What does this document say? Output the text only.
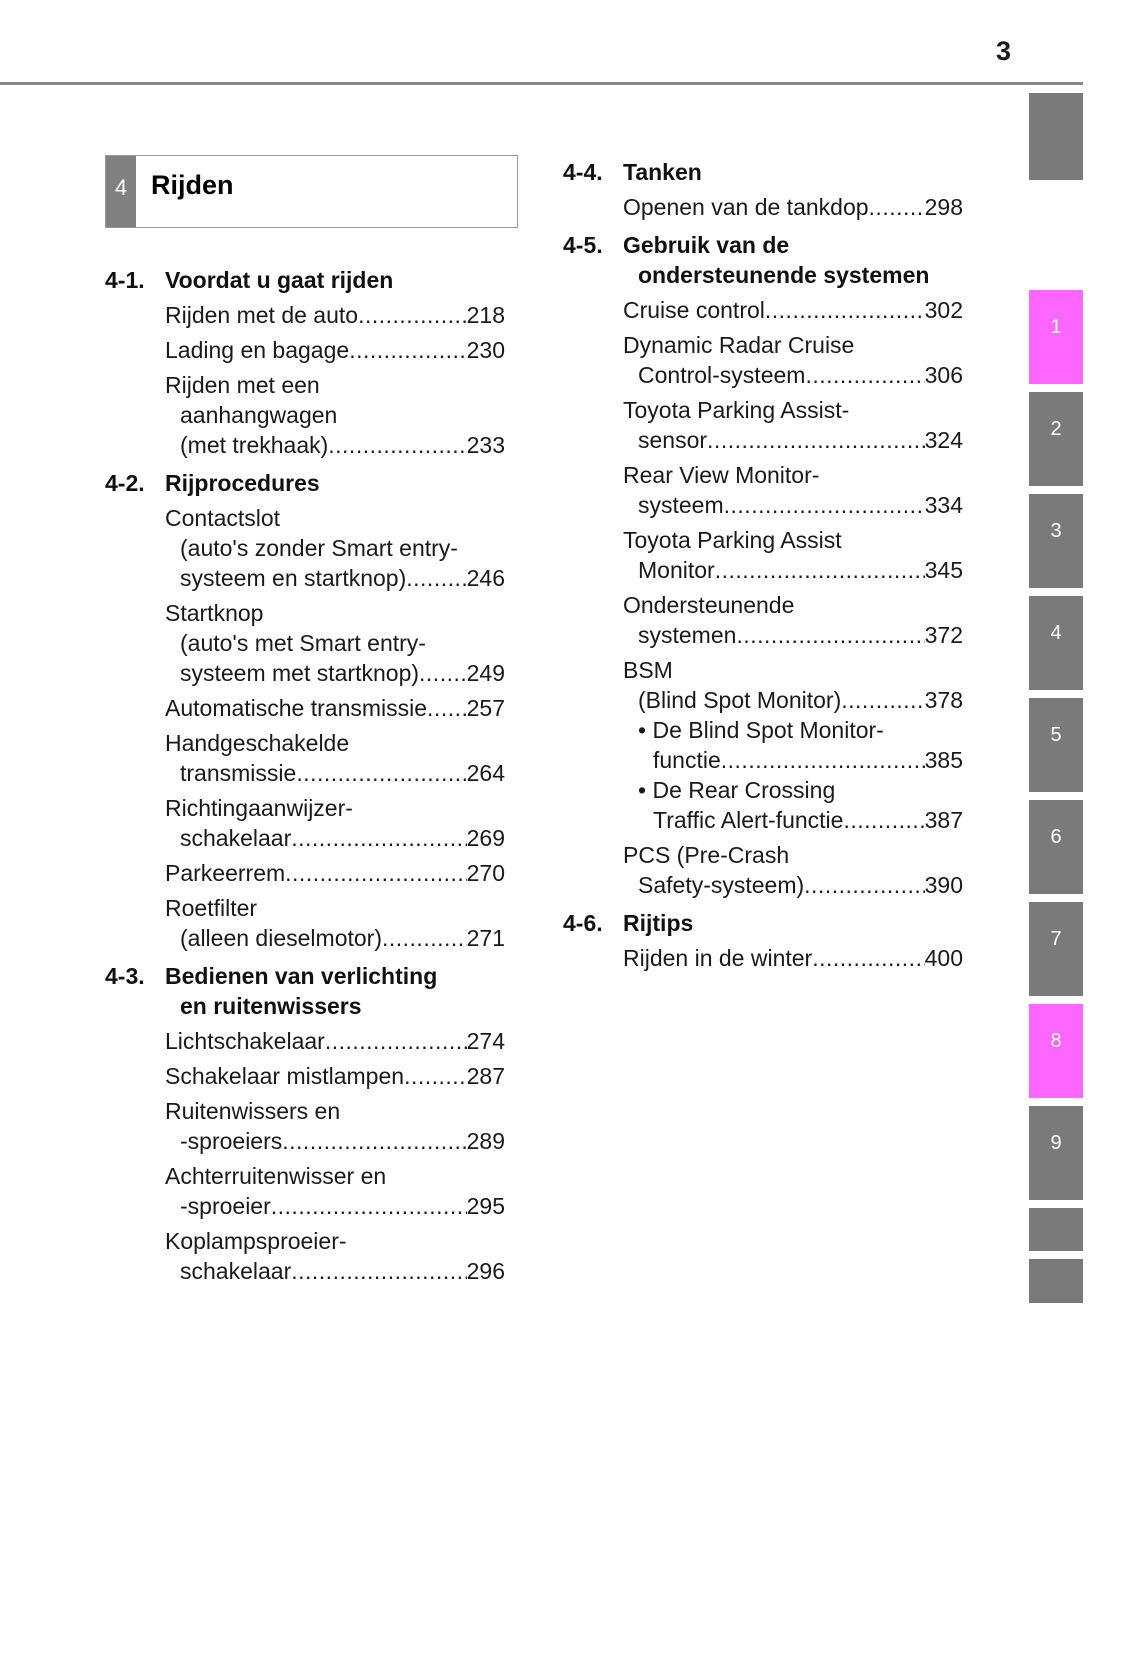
3
4 Rijden
4-1. Voordat u gaat rijden
Rijden met de auto .....	218
Lading en bagage .....	230
Rijden met een
aanhangwagen
(met trekhaak) .....	233
4-2. Rijprocedures
Contactslot
(auto's zonder Smart entry-
systeem en startknop) .....	246
Startknop
(auto's met Smart entry-
systeem met startknop) ..... 249
Automatische transmissie ..... 257
Handgeschakelde
transmissie .....	264
Richtingaanwijzer-
schakelaar .....	269
Parkeerrem .....	270
Roetfilter
(alleen dieselmotor) .....	271
4-3. Bedienen van verlichting
en ruitenwissers
Lichtschakelaar .....	274
Schakelaar mistlampen .....	287
Ruitenwissers en
-sproeiers .....	289
Achterruitenwisser en
-sproeier .....	295
Koplampsproeier-
schakelaar .....	296
4-4. Tanken
Openen van de tankdop ..... 298
4-5. Gebruik van de
ondersteunende systemen
Cruise control .....	302
Dynamic Radar Cruise
Control-systeem .....	306
Toyota Parking Assist-
sensor .....	324
Rear View Monitor-
systeem .....	334
Toyota Parking Assist
Monitor .....	345
Ondersteunende
systemen .....	372
BSM
(Blind Spot Monitor) .....	378
• De Blind Spot Monitor-
functie .....	385
• De Rear Crossing
Traffic Alert-functie .....	387
PCS (Pre-Crash
Safety-systeem) .....	390
4-6. Rijtips
Rijden in de winter .....	400
1
2
3
4
5
6
7
8
9
